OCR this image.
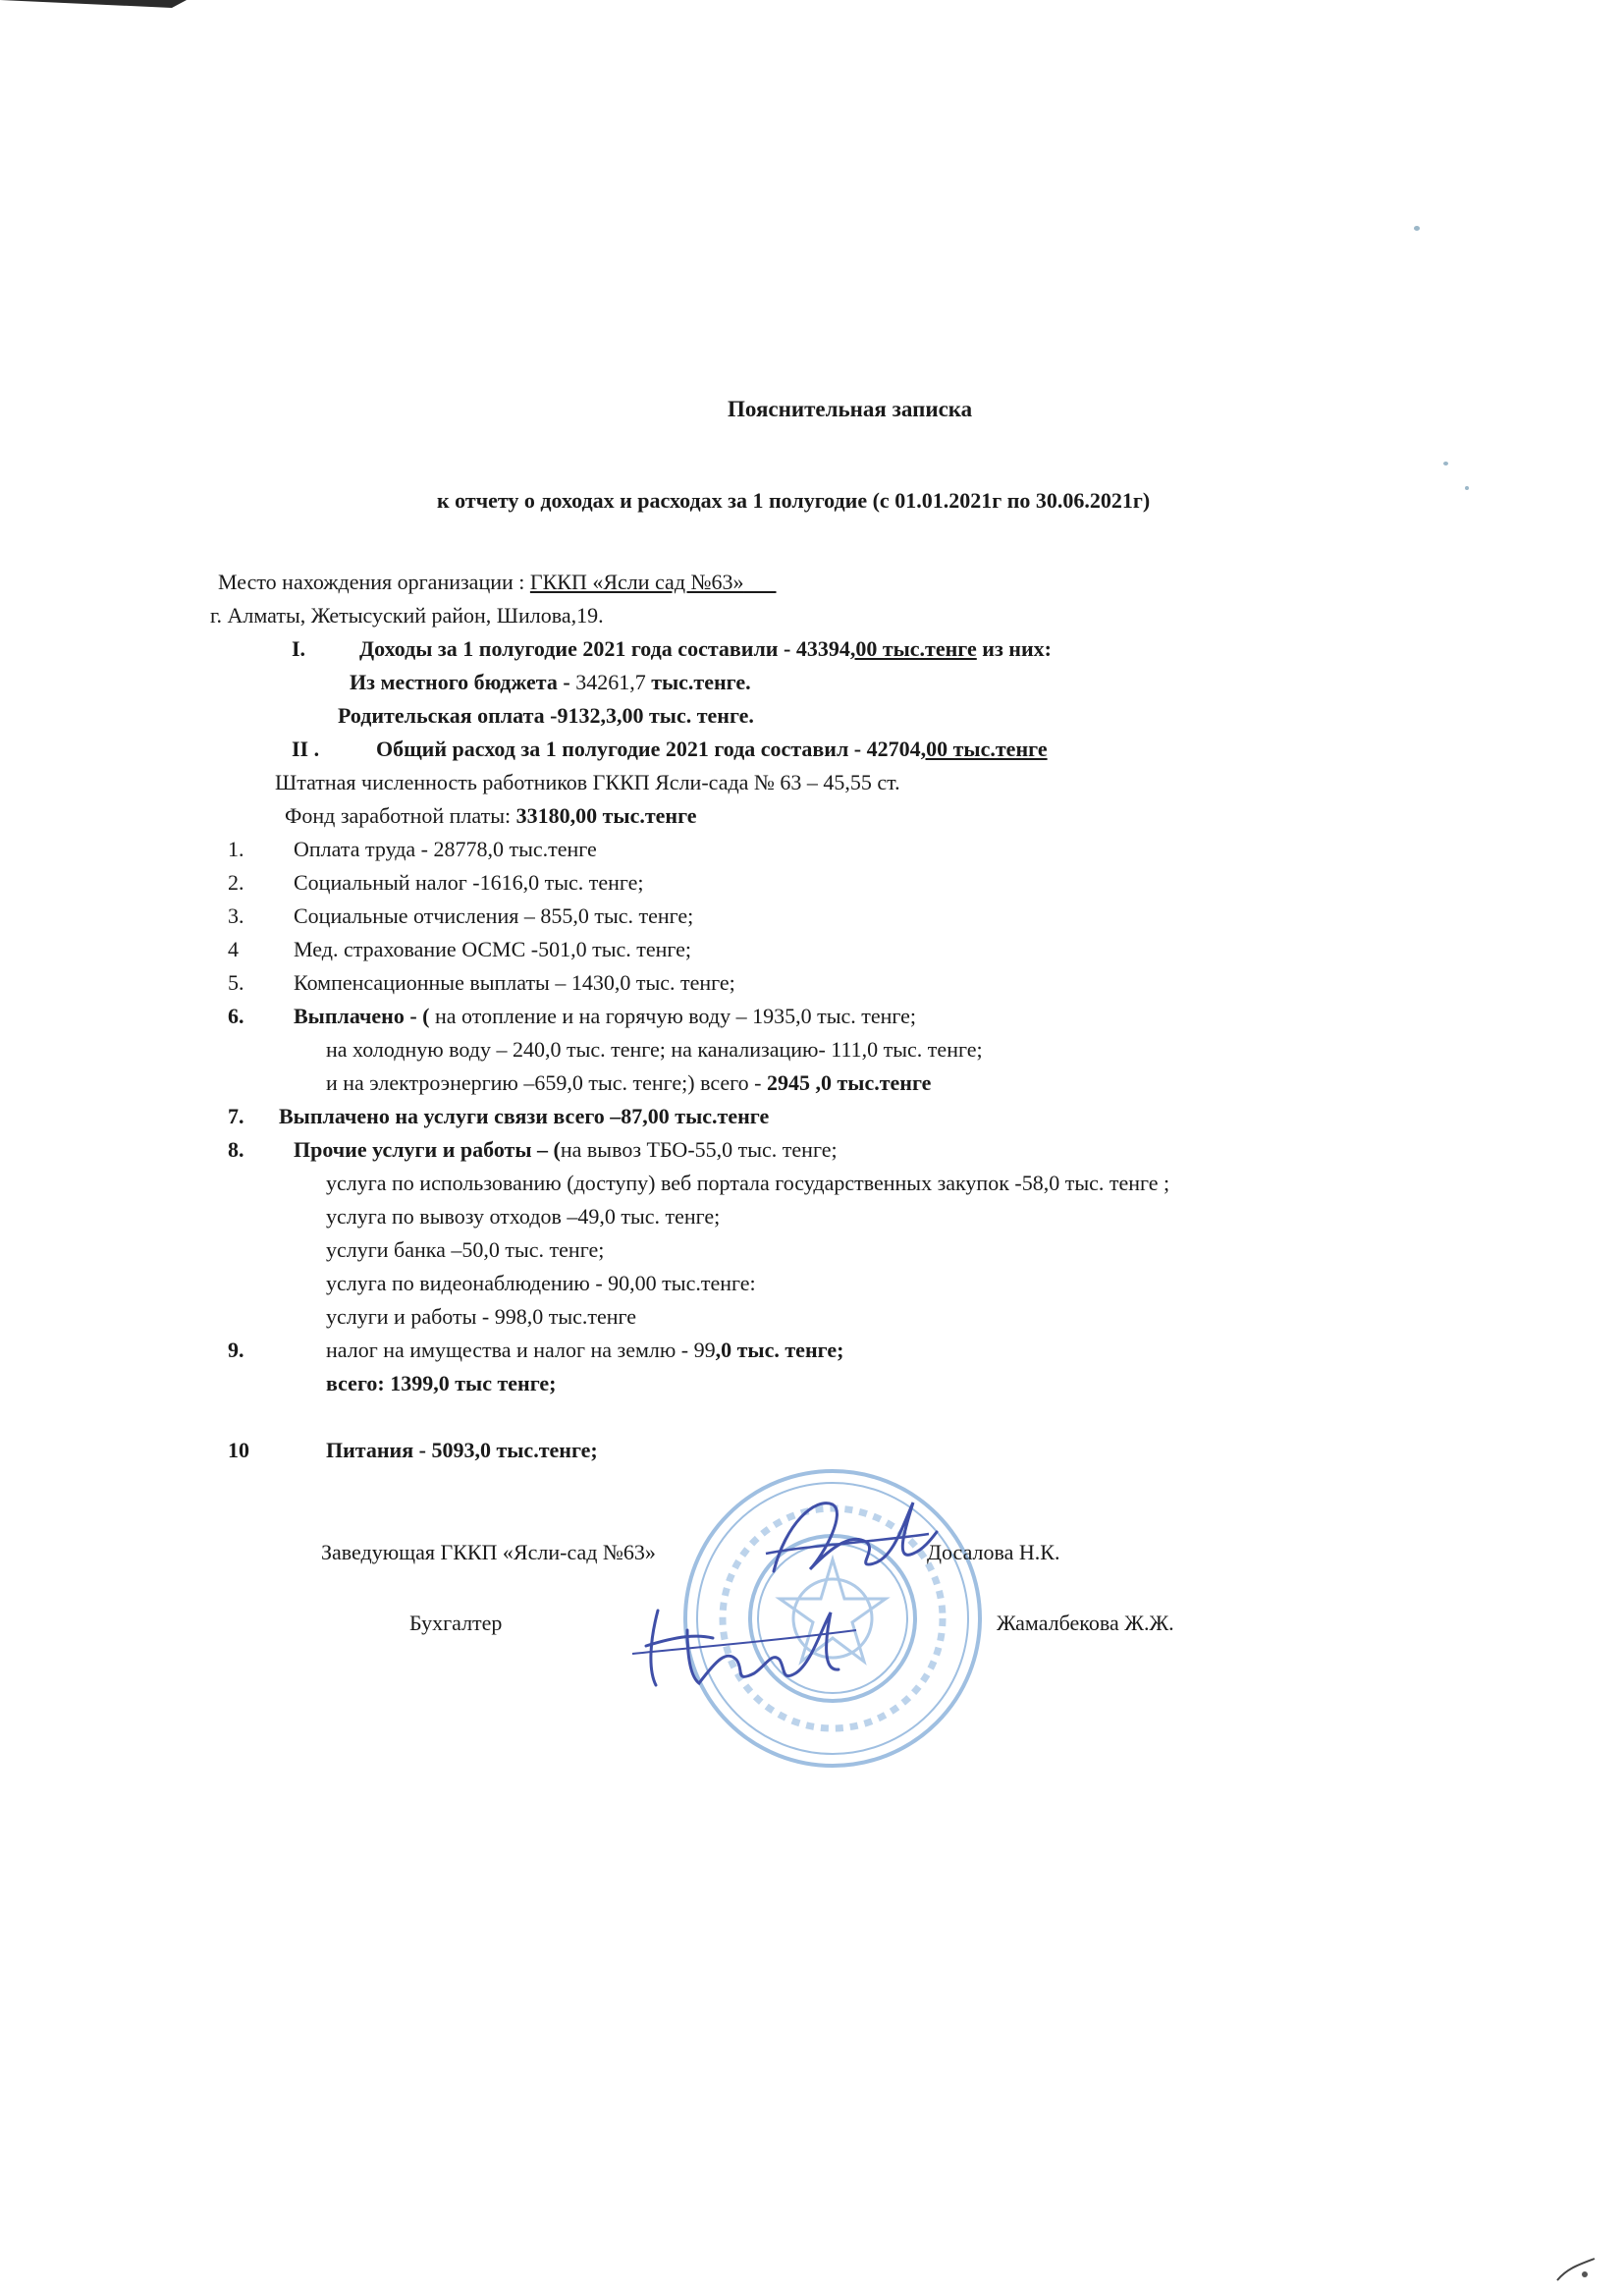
Пояснительная записка
к отчету о доходах и расходах за 1 полугодие (с 01.01.2021г по 30.06.2021г)
Место нахождения организации : ГККП «Ясли сад №63»
г. Алматы, Жетысуский район, Шилова,19.
I. Доходы за 1 полугодие 2021 года составили - 43394,00 тыс.тенге из них:
Из местного бюджета - 34261,7 тыс.тенге.
Родительская оплата -9132,3,00 тыс. тенге.
II .	Общий расход за 1 полугодие 2021 года составил - 42704,00 тыс.тенге
Штатная численность работников ГККП Ясли-сада № 63 – 45,55 ст.
Фонд заработной платы: 33180,00 тыс.тенге
1. Оплата труда - 28778,0 тыс.тенге
2. Социальный налог -1616,0 тыс. тенге;
3. Социальные отчисления – 855,0 тыс. тенге;
4	Мед. страхование ОСМС -501,0 тыс. тенге;
5. Компенсационные выплаты – 1430,0 тыс. тенге;
6. Выплачено - ( на отопление и на горячую воду – 1935,0 тыс. тенге;
на холодную воду – 240,0 тыс. тенге; на канализацию- 111,0 тыс. тенге;
и на электроэнергию –659,0 тыс. тенге;) всего - 2945 ,0 тыс.тенге
7. Выплачено на услуги связи всего –87,00 тыс.тенге
8. Прочие услуги и работы – (на вывоз ТБО-55,0 тыс. тенге;
услуга по использованию (доступу) веб портала государственных закупок -58,0 тыс. тенге ;
услуга по вывозу отходов –49,0 тыс. тенге;
услуги банка –50,0 тыс. тенге;
услуга по видеонаблюдению - 90,00 тыс.тенге:
услуги и работы - 998,0 тыс.тенге
9.	налог на имущества и налог на землю - 99,0 тыс. тенге;
всего: 1399,0 тыс тенге;
10	Питания - 5093,0 тыс.тенге;
Заведующая ГККП «Ясли-сад №63»	Досалова Н.К.
Бухгалтер	Жамалбекова Ж.Ж.
